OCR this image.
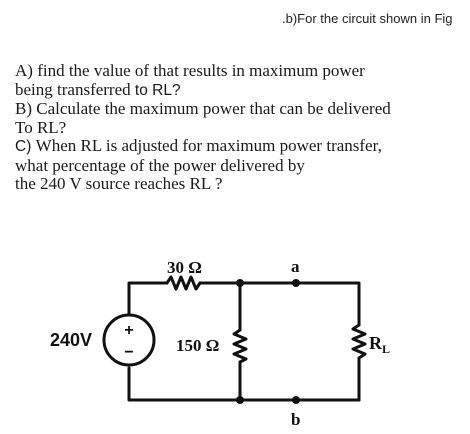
.b)For the circuit shown in Fig
A) find the value of that results in maximum power
being transferred to RL?
B) Calculate the maximum power that can be delivered
To RL?
C) When RL is adjusted for maximum power transfer,
what percentage of the power delivered by
the 240 V source reaches RL ?
+
−
240V
30 Ω
150 Ω
a
b
$R_L$
